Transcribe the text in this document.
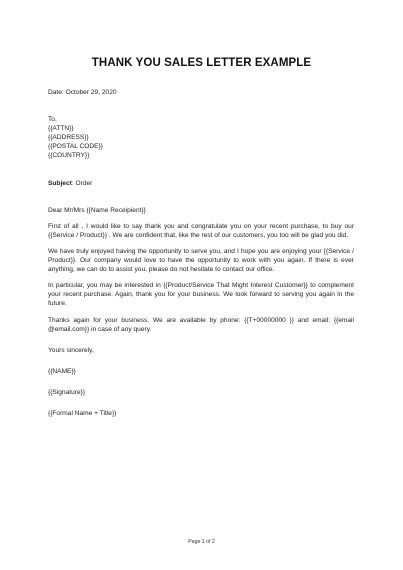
THANK YOU SALES LETTER EXAMPLE

Date: October 29, 2020

To,

{{ATTN}}

{{ADDRESS}}

{{POSTAL CODE}}

{{COUNTRY}}

Subject: Order

Dear Mr/Mrs {{Name Receipient}}

First of all , I would like to say thank you and congratulate you on your recent purchase, to buy our {{Service / Product}} . We are confident that, like the rest of our customers, you too will be glad you did.

We have truly enjoyed having the opportunity to serve you, and I hope you are enjoying your {{Service / Product}}. Our company would love to have the opportunity to work with you again. If there is ever anything, we can do to assist you, please do not hesitate to contact our office.

In particular, you may be interested in {{Product/Service That Might Interest Customer}} to complement your recent purchase. Again, thank you for your business. We look forward to serving you again in the future.

Thanks again for your business. We are available by phone: {{T+00000000 }} and email: {{email @email.com}} in case of any query.

Yours sincerely,

{{NAME}}

{{Signature}}

{{Formal Name + Title}}

Page 1 of 2
